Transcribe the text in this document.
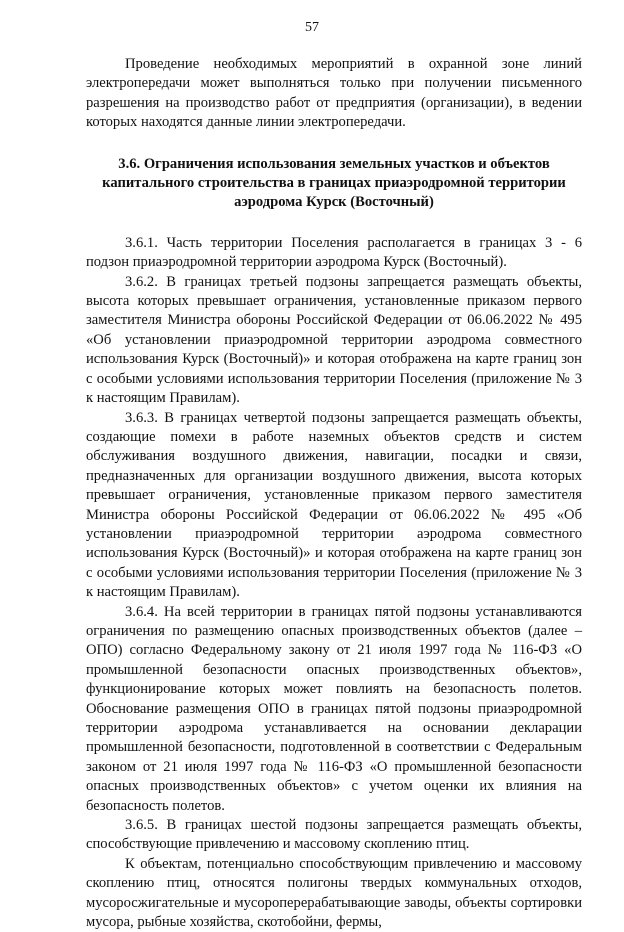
57

Проведение необходимых мероприятий в охранной зоне линий электропередачи может выполняться только при получении письменного разрешения на производство работ от предприятия (организации), в ведении которых находятся данные линии электропередачи.

3.6. Ограничения использования земельных участков и объектов капитального строительства в границах приаэродромной территории аэродрома Курск (Восточный)

3.6.1. Часть территории Поселения располагается в границах 3 - 6 подзон приаэродромной территории аэродрома Курск (Восточный).

3.6.2. В границах третьей подзоны запрещается размещать объекты, высота которых превышает ограничения, установленные приказом первого заместителя Министра обороны Российской Федерации от 06.06.2022 № 495 «Об установлении приаэродромной территории аэродрома совместного использования Курск (Восточный)» и которая отображена на карте границ зон с особыми условиями использования территории Поселения (приложение № 3 к настоящим Правилам).

3.6.3. В границах четвертой подзоны запрещается размещать объекты, создающие помехи в работе наземных объектов средств и систем обслуживания воздушного движения, навигации, посадки и связи, предназначенных для организации воздушного движения, высота которых превышает ограничения, установленные приказом первого заместителя Министра обороны Российской Федерации от 06.06.2022 № 495 «Об установлении приаэродромной территории аэродрома совместного использования Курск (Восточный)» и которая отображена на карте границ зон с особыми условиями использования территории Поселения (приложение № 3 к настоящим Правилам).

3.6.4. На всей территории в границах пятой подзоны устанавливаются ограничения по размещению опасных производственных объектов (далее – ОПО) согласно Федеральному закону от 21 июля 1997 года № 116-ФЗ «О промышленной безопасности опасных производственных объектов», функционирование которых может повлиять на безопасность полетов. Обоснование размещения ОПО в границах пятой подзоны приаэродромной территории аэродрома устанавливается на основании декларации промышленной безопасности, подготовленной в соответствии с Федеральным законом от 21 июля 1997 года № 116-ФЗ «О промышленной безопасности опасных производственных объектов» с учетом оценки их влияния на безопасность полетов.

3.6.5. В границах шестой подзоны запрещается размещать объекты, способствующие привлечению и массовому скоплению птиц.

К объектам, потенциально способствующим привлечению и массовому скоплению птиц, относятся полигоны твердых коммунальных отходов, мусоросжигательные и мусороперерабатывающие заводы, объекты сортировки мусора, рыбные хозяйства, скотобойни, фермы,
